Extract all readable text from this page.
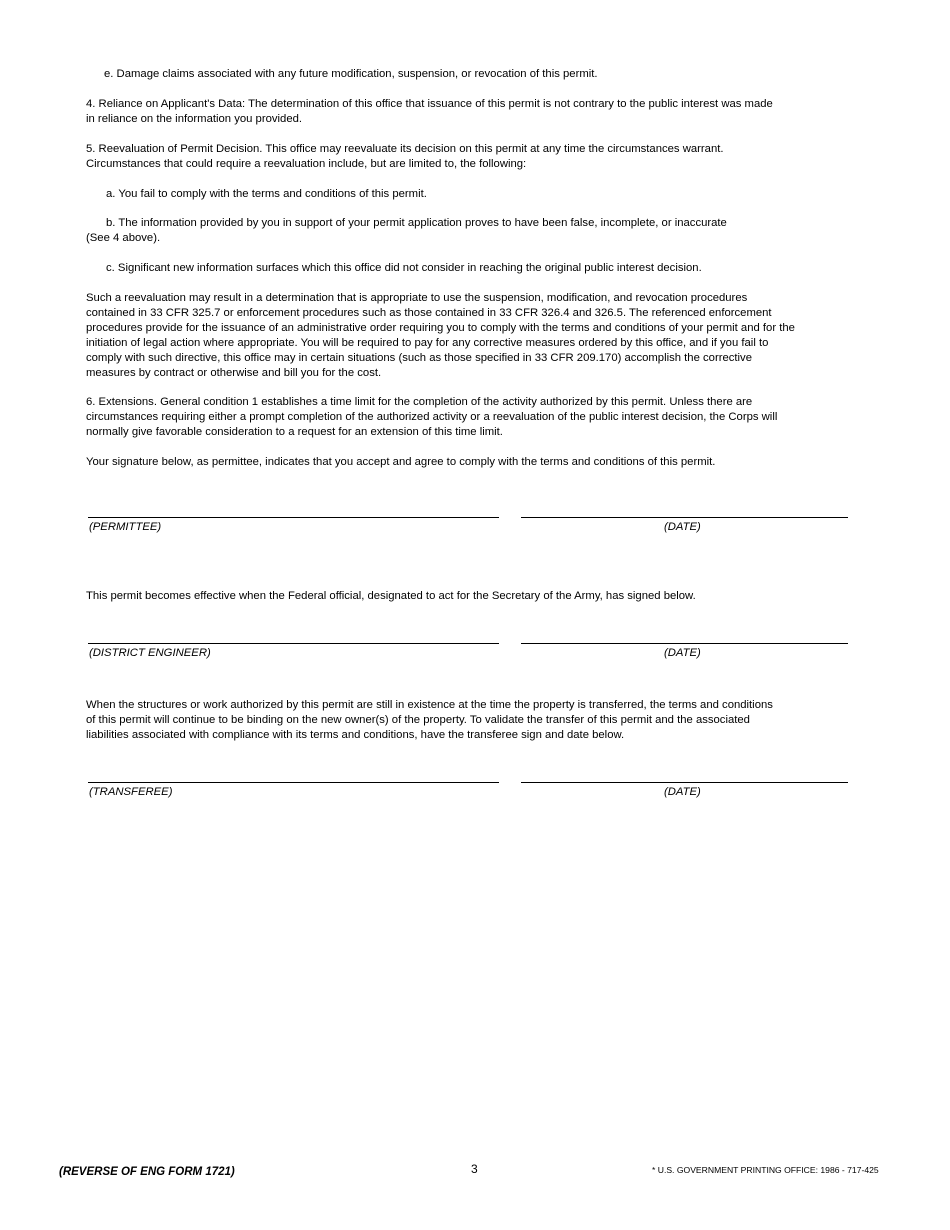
e. Damage claims associated with any future modification, suspension, or revocation of this permit.

4. Reliance on Applicant's Data: The determination of this office that issuance of this permit is not contrary to the public interest was made
in reliance on the information you provided.

5. Reevaluation of Permit Decision. This office may reevaluate its decision on this permit at any time the circumstances warrant.
Circumstances that could require a reevaluation include, but are limited to, the following:

a. You fail to comply with the terms and conditions of this permit.

b. The information provided by you in support of your permit application proves to have been false, incomplete, or inaccurate
(See 4 above).

c. Significant new information surfaces which this office did not consider in reaching the original public interest decision.

Such a reevaluation may result in a determination that is appropriate to use the suspension, modification, and revocation procedures
contained in 33 CFR 325.7 or enforcement procedures such as those contained in 33 CFR 326.4 and 326.5. The referenced enforcement
procedures provide for the issuance of an administrative order requiring you to comply with the terms and conditions of your permit and for the
initiation of legal action where appropriate. You will be required to pay for any corrective measures ordered by this office, and if you fail to
comply with such directive, this office may in certain situations (such as those specified in 33 CFR 209.170) accomplish the corrective
measures by contract or otherwise and bill you for the cost.

6. Extensions. General condition 1 establishes a time limit for the completion of the activity authorized by this permit. Unless there are
circumstances requiring either a prompt completion of the authorized activity or a reevaluation of the public interest decision, the Corps will
normally give favorable consideration to a request for an extension of this time limit.

Your signature below, as permittee, indicates that you accept and agree to comply with the terms and conditions of this permit.

(PERMITTEE)	(DATE)

This permit becomes effective when the Federal official, designated to act for the Secretary of the Army, has signed below.

(DISTRICT ENGINEER)	(DATE)

When the structures or work authorized by this permit are still in existence at the time the property is transferred, the terms and conditions
of this permit will continue to be binding on the new owner(s) of the property. To validate the transfer of this permit and the associated
liabilities associated with compliance with its terms and conditions, have the transferee sign and date below.

(TRANSFEREE)	(DATE)
(REVERSE OF ENG FORM 1721)	3	* U.S. GOVERNMENT PRINTING OFFICE: 1986 - 717-425
